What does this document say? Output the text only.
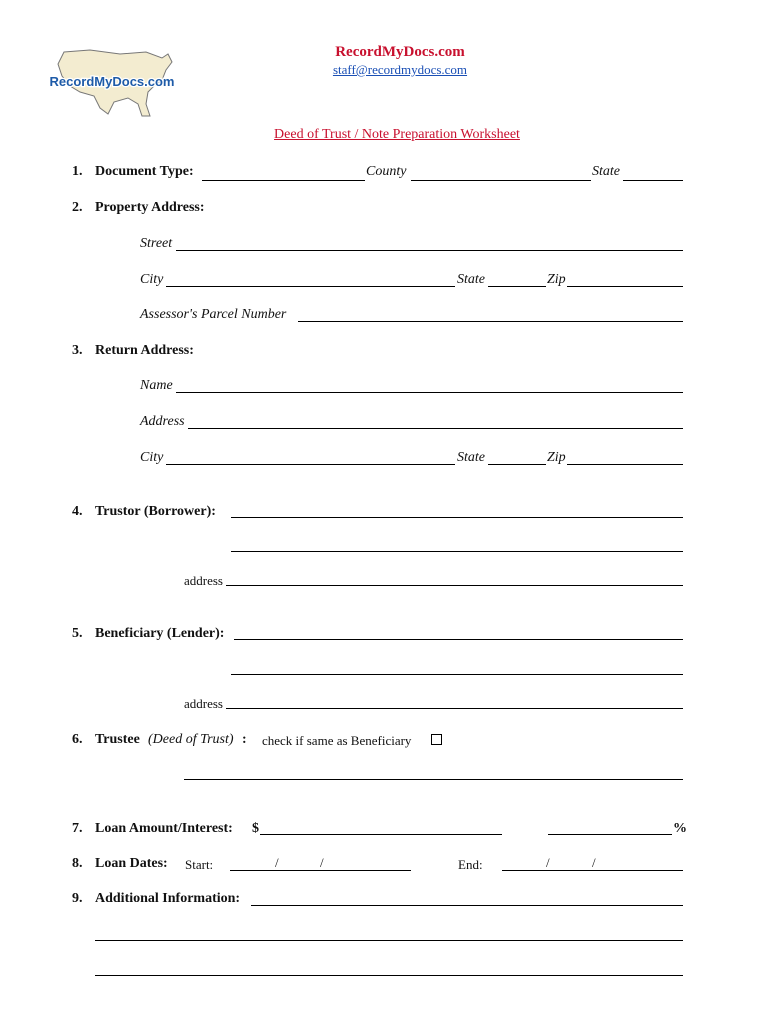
RecordMyDocs.com
RecordMyDocs.com
staff@recordmydocs.com
Deed of Trust / Note Preparation Worksheet
1. Document Type:	County	State
2. Property Address:
Street
City	State	Zip
Assessor's Parcel Number
3. Return Address:
Name
Address
City	State	Zip
4. Trustor (Borrower):
address
5. Beneficiary (Lender):
address
6. Trustee (Deed of Trust) : check if same as Beneficiary
7. Loan Amount/Interest: $	%
8. Loan Dates: Start:	/	/	End:	/	/
9. Additional Information:
